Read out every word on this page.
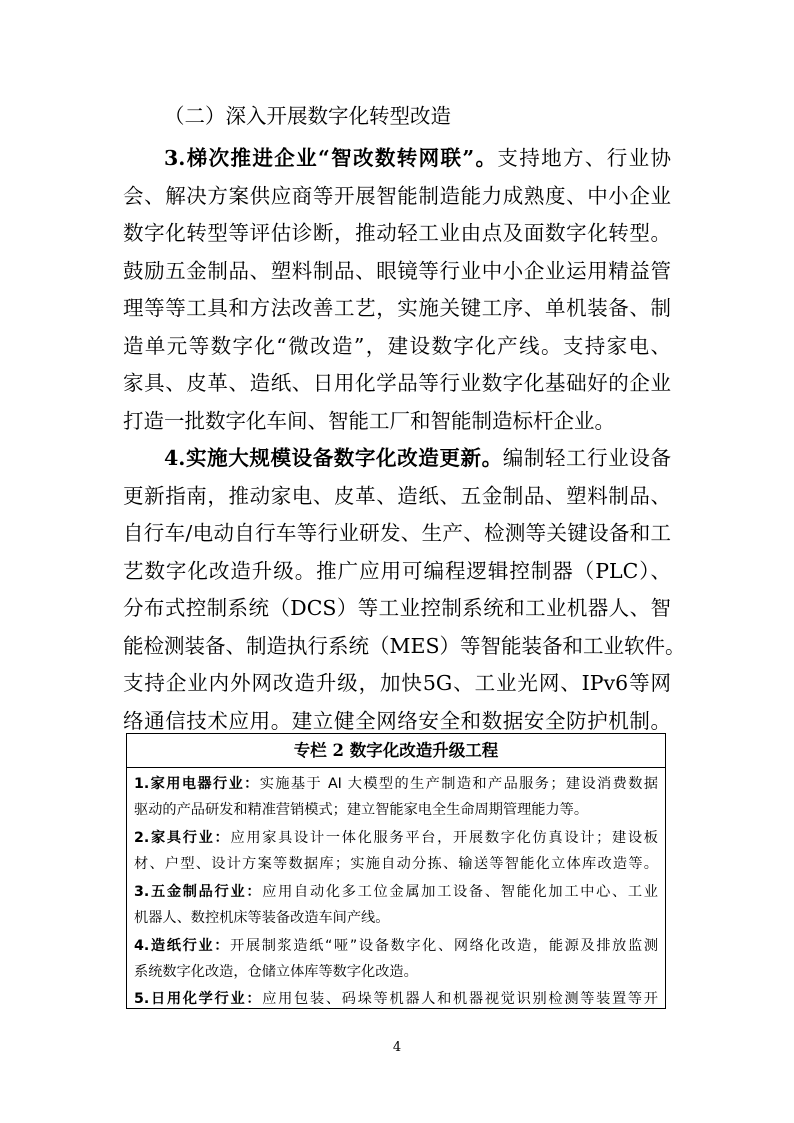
（二）深入开展数字化转型改造
3.梯次推进企业“智改数转网联”。支持地方、行业协
会、解决方案供应商等开展智能制造能力成熟度、中小企业
数字化转型等评估诊断，推动轻工业由点及面数字化转型。
鼓励五金制品、塑料制品、眼镜等行业中小企业运用精益管
理等等工具和方法改善工艺，实施关键工序、单机装备、制
造单元等数字化“微改造”，建设数字化产线。支持家电、
家具、皮革、造纸、日用化学品等行业数字化基础好的企业
打造一批数字化车间、智能工厂和智能制造标杆企业。
4.实施大规模设备数字化改造更新。编制轻工行业设备
更新指南，推动家电、皮革、造纸、五金制品、塑料制品、
自行车/电动自行车等行业研发、生产、检测等关键设备和工
艺数字化改造升级。推广应用可编程逻辑控制器（PLC）、
分布式控制系统（DCS）等工业控制系统和工业机器人、智
能检测装备、制造执行系统（MES）等智能装备和工业软件。
支持企业内外网改造升级，加快5G、工业光网、IPv6等网
络通信技术应用。建立健全网络安全和数据安全防护机制。
专栏 2 数字化改造升级工程
1.家用电器行业：实施基于 AI 大模型的生产制造和产品服务；建设消费数据
驱动的产品研发和精准营销模式；建立智能家电全生命周期管理能力等。
2.家具行业：应用家具设计一体化服务平台，开展数字化仿真设计；建设板
材、户型、设计方案等数据库；实施自动分拣、输送等智能化立体库改造等。
3.五金制品行业：应用自动化多工位金属加工设备、智能化加工中心、工业
机器人、数控机床等装备改造车间产线。
4.造纸行业：开展制浆造纸“哑”设备数字化、网络化改造，能源及排放监测
系统数字化改造，仓储立体库等数字化改造。
5.日用化学行业：应用包装、码垛等机器人和机器视觉识别检测等装置等开
4
